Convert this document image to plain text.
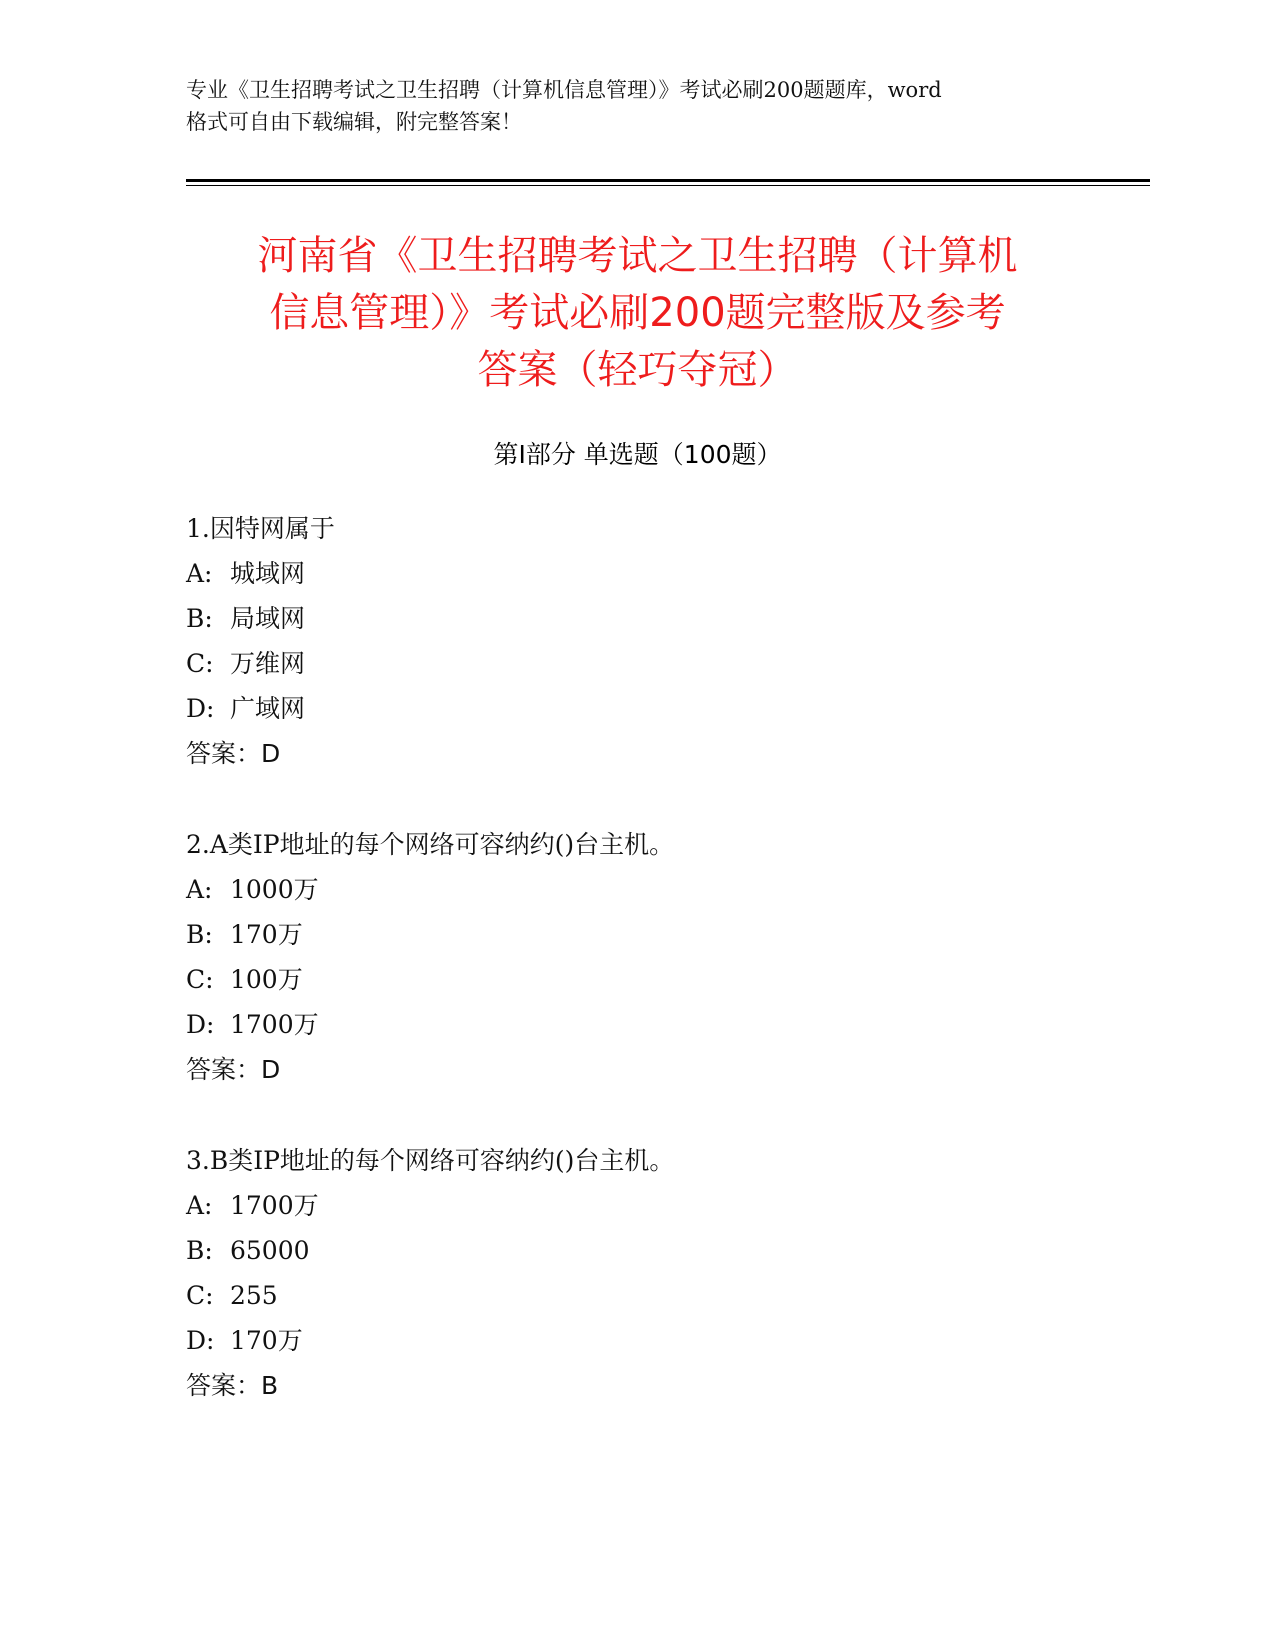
专业《卫生招聘考试之卫生招聘（计算机信息管理）》考试必刷200题题库，word
格式可自由下载编辑，附完整答案！
河南省《卫生招聘考试之卫生招聘（计算机
信息管理）》考试必刷200题完整版及参考
答案（轻巧夺冠）
第Ⅰ部分 单选题（100题）
1.因特网属于
A: 城域网
B: 局域网
C: 万维网
D: 广域网
答案：D
2.A类IP地址的每个网络可容纳约()台主机。
A: 1000万
B: 170万
C: 100万
D: 1700万
答案：D
3.B类IP地址的每个网络可容纳约()台主机。
A: 1700万
B: 65000
C: 255
D: 170万
答案：B
